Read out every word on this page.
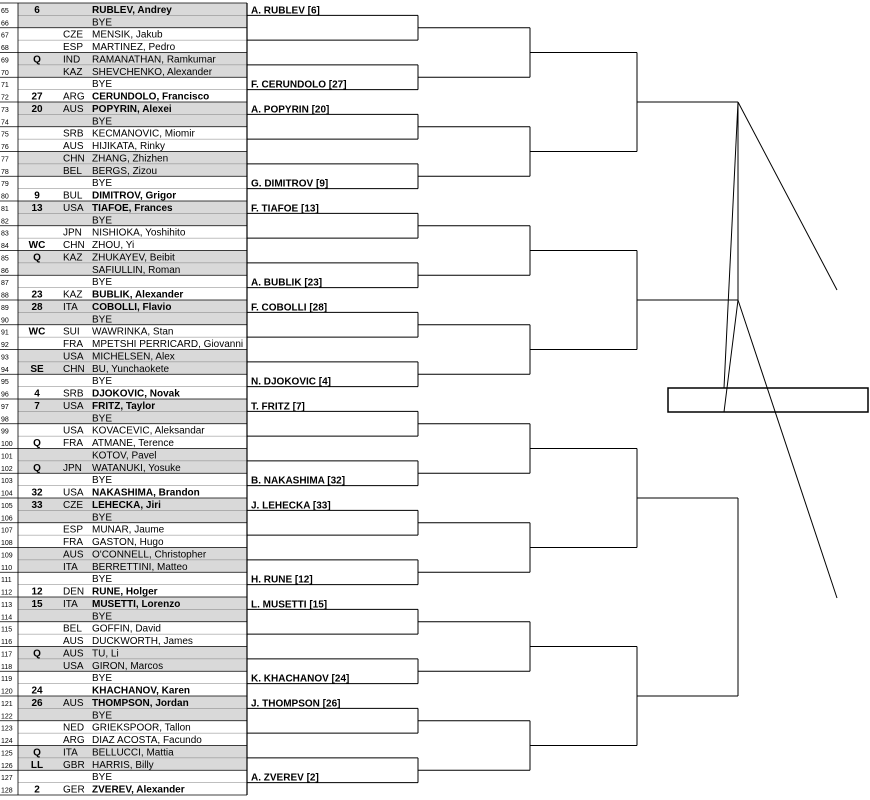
65	6	RUBLEV, Andrey
66	BYE
67	CZE MENSIK, Jakub
68	ESP MARTINEZ, Pedro
69 Q IND RAMANATHAN, Ramkumar
70	KAZ SHEVCHENKO, Alexander
71	BYE
72 27 ARG CERUNDOLO, Francisco
73 20 AUS POPYRIN, Alexei
74	BYE
75	SRB KECMANOVIC, Miomir
76	AUS HIJIKATA, Rinky
77	CHN ZHANG, Zhizhen
78	BEL BERGS, Zizou
79	BYE
80	9 BUL DIMITROV, Grigor
81 13 USA TIAFOE, Frances
82	BYE
83	JPN NISHIOKA, Yoshihito
84 WC CHN ZHOU, Yi
85 Q KAZ ZHUKAYEV, Beibit
86	SAFIULLIN, Roman
87	BYE
88 23 KAZ BUBLIK, Alexander
89 28 ITA COBOLLI, Flavio
90	BYE
91 WC SUI WAWRINKA, Stan
92	FRA MPETSHI PERRICARD, Giovanni
93	USA MICHELSEN, Alex
94 SE CHN BU, Yunchaokete
95	BYE
96	4 SRB DJOKOVIC, Novak
97	7 USA FRITZ, Taylor
98	BYE
99	USA KOVACEVIC, Aleksandar
100 Q FRA ATMANE, Terence
101	KOTOV, Pavel
102 Q JPN WATANUKI, Yosuke
103	BYE
104 32 USA NAKASHIMA, Brandon
105 33 CZE LEHECKA, Jiri
106	BYE
107	ESP MUNAR, Jaume
108	FRA GASTON, Hugo
109	AUS O'CONNELL, Christopher
110	ITA BERRETTINI, Matteo
111	BYE
112 12 DEN RUNE, Holger
113 15 ITA MUSETTI, Lorenzo
114	BYE
115	BEL GOFFIN, David
116	AUS DUCKWORTH, James
117 Q AUS TU, Li
118	USA GIRON, Marcos
119	BYE
120 24	KHACHANOV, Karen
121 26 AUS THOMPSON, Jordan
122	BYE
123	NED GRIEKSPOOR, Tallon
124	ARG DIAZ ACOSTA, Facundo
125 Q ITA BELLUCCI, Mattia
126 LL GBR HARRIS, Billy
127	BYE
128 2 GER ZVEREV, Alexander
A. RUBLEV [6]
F. CERUNDOLO [27]
A. POPYRIN [20]
G. DIMITROV [9]
F. TIAFOE [13]
A. BUBLIK [23]
F. COBOLLI [28]
N. DJOKOVIC [4]
T. FRITZ [7]
B. NAKASHIMA [32]
J. LEHECKA [33]
H. RUNE [12]
L. MUSETTI [15]
K. KHACHANOV [24]
J. THOMPSON [26]
A. ZVEREV [2]
